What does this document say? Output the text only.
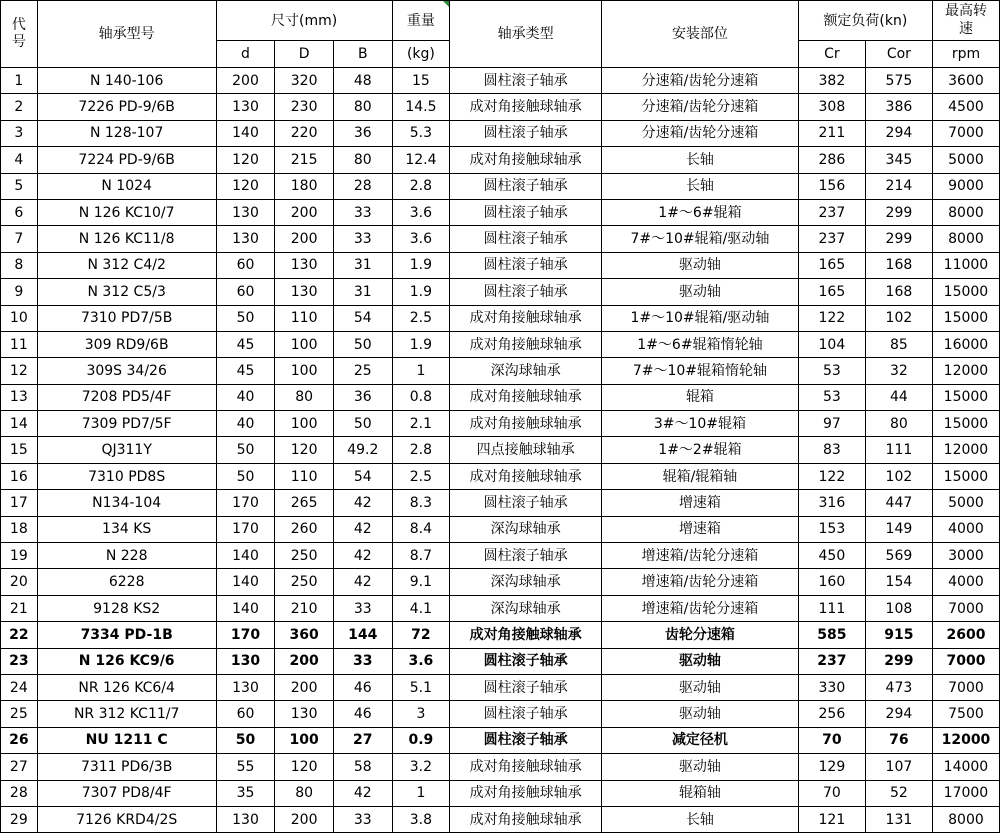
代
号	轴承型号	尺寸(mm)			重量	轴承类型	安装部位	额定负荷(kn)		最高转
速
		d	D	B	(kg)			Cr	Cor	rpm
1	N 140-106	200	320	48	15	圆柱滚子轴承	分速箱/齿轮分速箱	382	575	3600
2	7226 PD-9/6B	130	230	80	14.5	成对角接触球轴承	分速箱/齿轮分速箱	308	386	4500
3	N 128-107	140	220	36	5.3	圆柱滚子轴承	分速箱/齿轮分速箱	211	294	7000
4	7224 PD-9/6B	120	215	80	12.4	成对角接触球轴承	长轴	286	345	5000
5	N 1024	120	180	28	2.8	圆柱滚子轴承	长轴	156	214	9000
6	N 126 KC10/7	130	200	33	3.6	圆柱滚子轴承	1#～6#辊箱	237	299	8000
7	N 126 KC11/8	130	200	33	3.6	圆柱滚子轴承	7#～10#辊箱/驱动轴	237	299	8000
8	N 312 C4/2	60	130	31	1.9	圆柱滚子轴承	驱动轴	165	168	11000
9	N 312 C5/3	60	130	31	1.9	圆柱滚子轴承	驱动轴	165	168	15000
10	7310 PD7/5B	50	110	54	2.5	成对角接触球轴承	1#～10#辊箱/驱动轴	122	102	15000
11	309 RD9/6B	45	100	50	1.9	成对角接触球轴承	1#～6#辊箱惰轮轴	104	85	16000
12	309S 34/26	45	100	25	1	深沟球轴承	7#～10#辊箱惰轮轴	53	32	12000
13	7208 PD5/4F	40	80	36	0.8	成对角接触球轴承	辊箱	53	44	15000
14	7309 PD7/5F	40	100	50	2.1	成对角接触球轴承	3#～10#辊箱	97	80	15000
15	QJ311Y	50	120	49.2	2.8	四点接触球轴承	1#～2#辊箱	83	111	12000
16	7310 PD8S	50	110	54	2.5	成对角接触球轴承	辊箱/辊箱轴	122	102	15000
17	N134-104	170	265	42	8.3	圆柱滚子轴承	增速箱	316	447	5000
18	134 KS	170	260	42	8.4	深沟球轴承	增速箱	153	149	4000
19	N 228	140	250	42	8.7	圆柱滚子轴承	增速箱/齿轮分速箱	450	569	3000
20	6228	140	250	42	9.1	深沟球轴承	增速箱/齿轮分速箱	160	154	4000
21	9128 KS2	140	210	33	4.1	深沟球轴承	增速箱/齿轮分速箱	111	108	7000
22	7334 PD-1B	170	360	144	72	成对角接触球轴承	齿轮分速箱	585	915	2600
23	N 126 KC9/6	130	200	33	3.6	圆柱滚子轴承	驱动轴	237	299	7000
24	NR 126 KC6/4	130	200	46	5.1	圆柱滚子轴承	驱动轴	330	473	7000
25	NR 312 KC11/7	60	130	46	3	圆柱滚子轴承	驱动轴	256	294	7500
26	NU 1211 C	50	100	27	0.9	圆柱滚子轴承	减定径机	70	76	12000
27	7311 PD6/3B	55	120	58	3.2	成对角接触球轴承	驱动轴	129	107	14000
28	7307 PD8/4F	35	80	42	1	成对角接触球轴承	辊箱轴	70	52	17000
29	7126 KRD4/2S	130	200	33	3.8	成对角接触球轴承	长轴	121	131	8000
